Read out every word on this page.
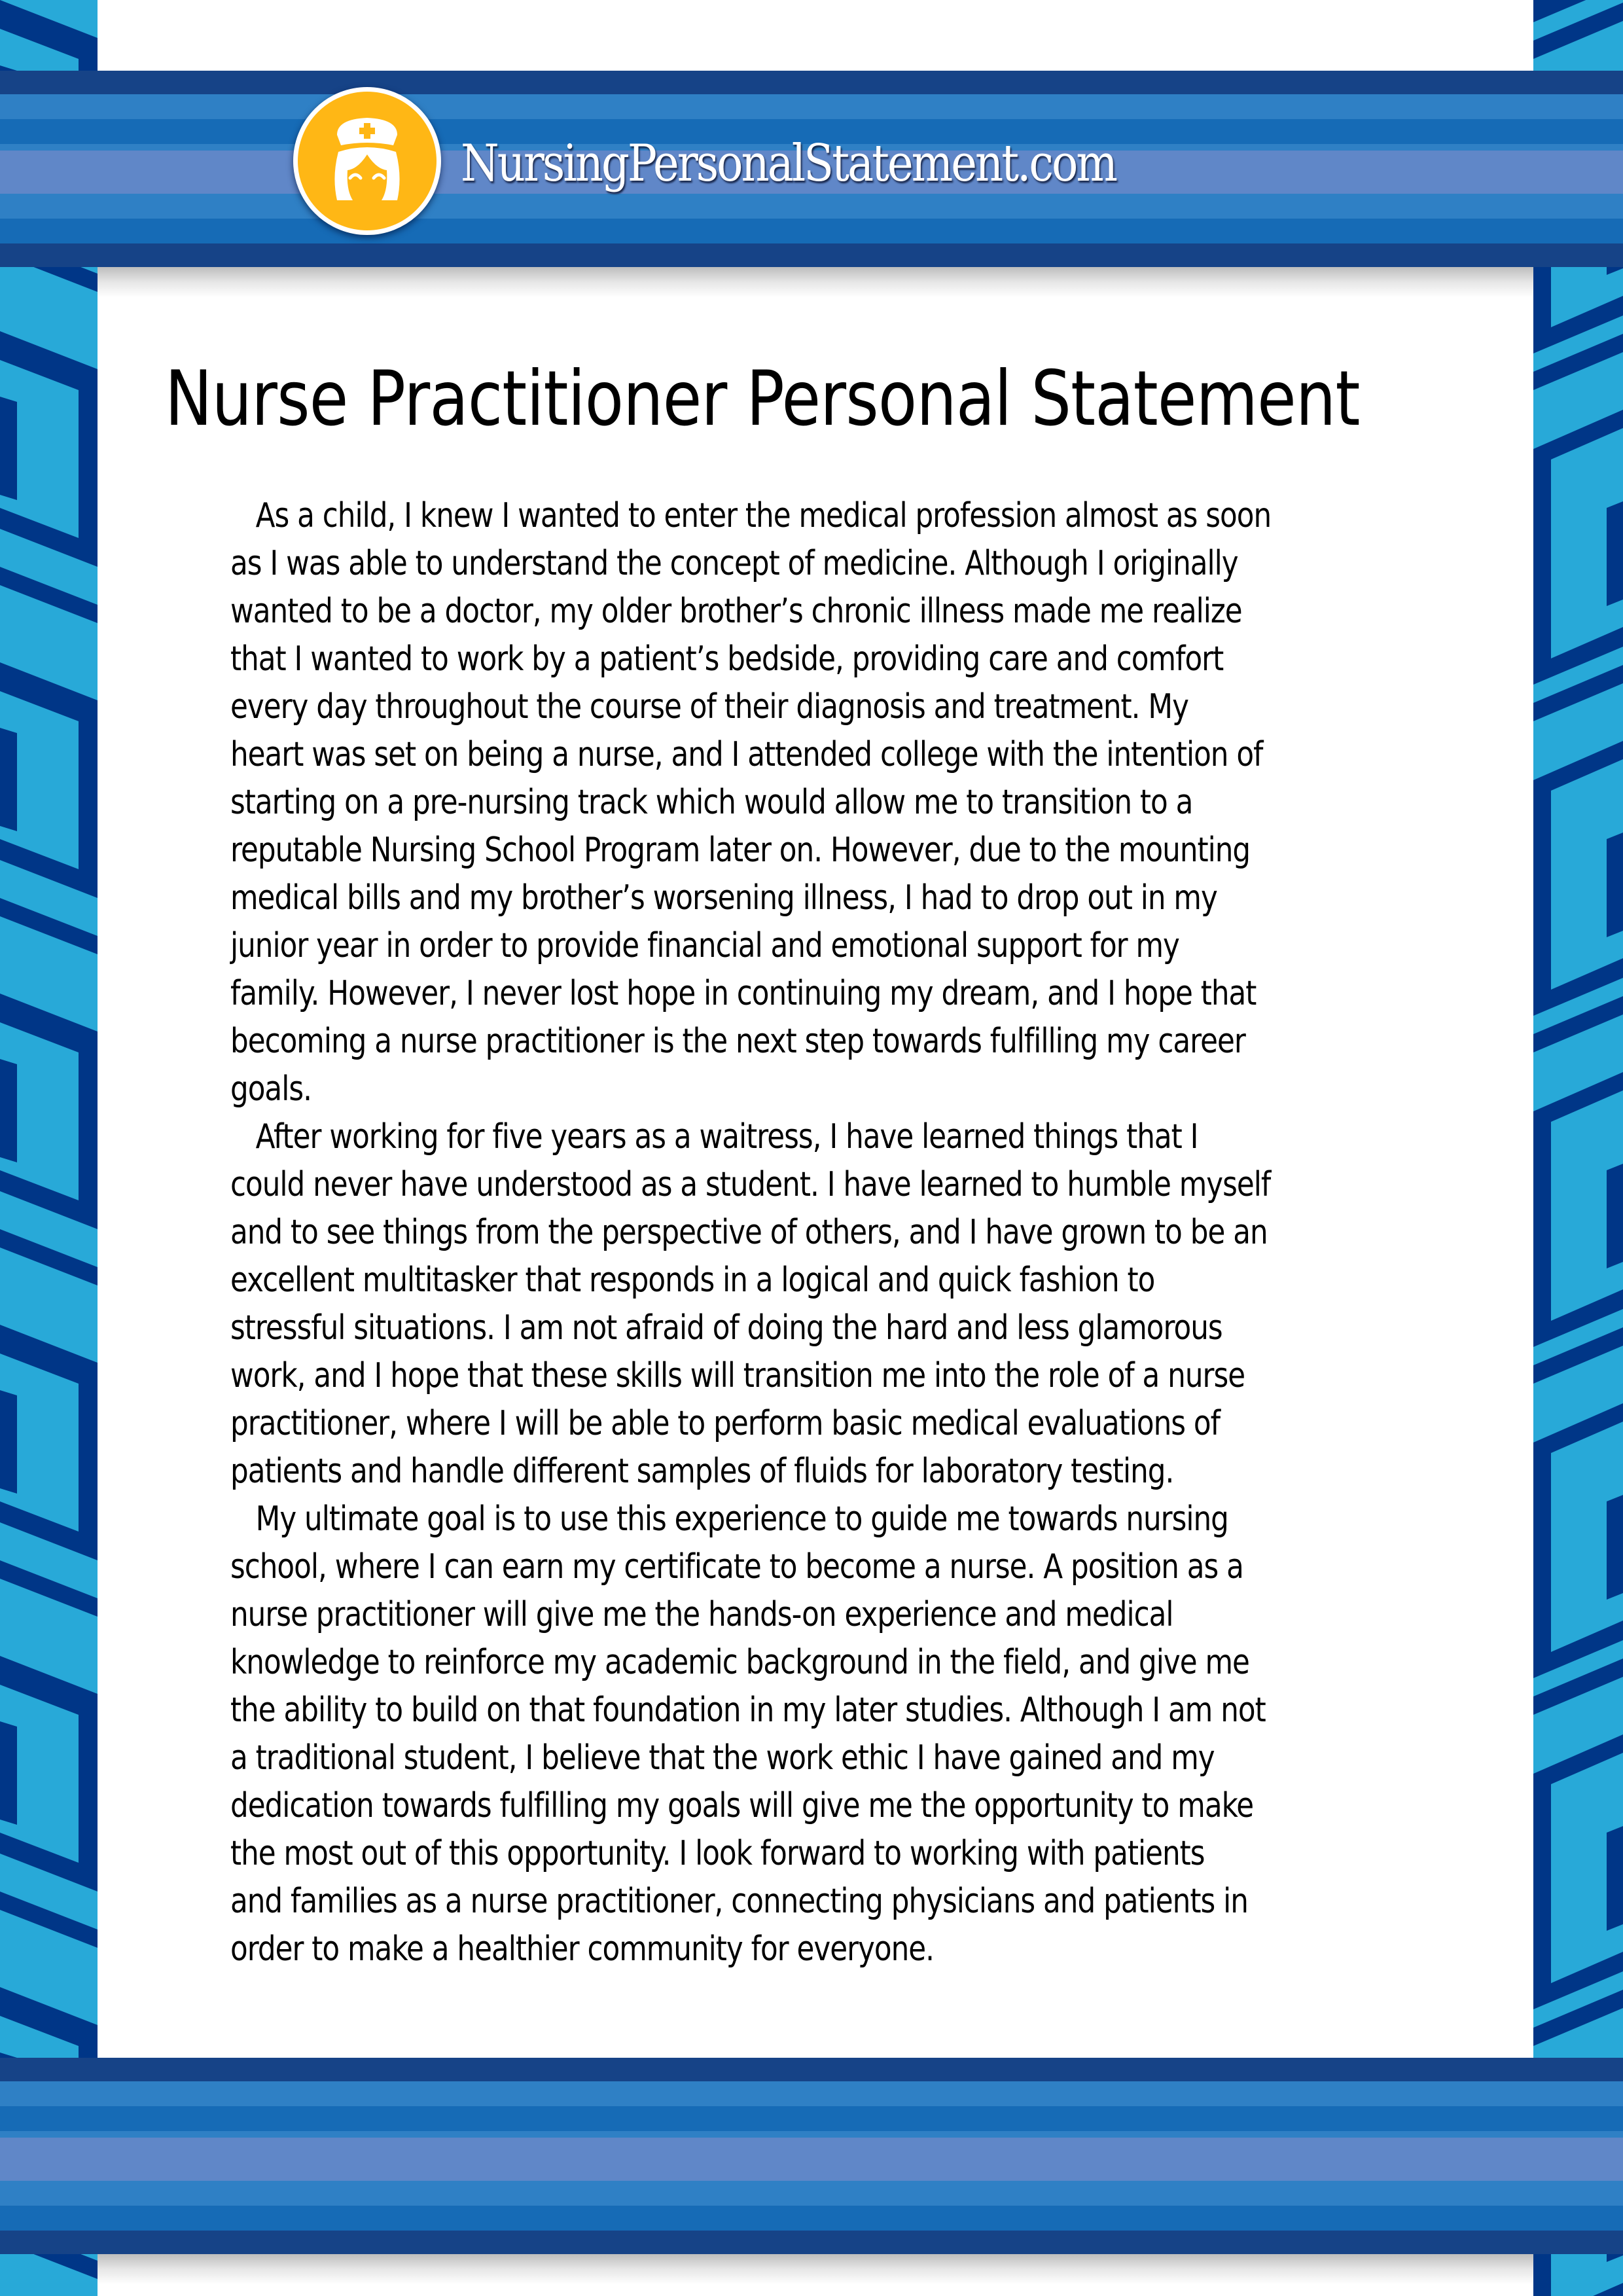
NursingPersonalStatement.com
Nurse Practitioner Personal Statement
As a child, I knew I wanted to enter the medical profession almost as soon
as I was able to understand the concept of medicine. Although I originally
wanted to be a doctor, my older brother’s chronic illness made me realize
that I wanted to work by a patient’s bedside, providing care and comfort
every day throughout the course of their diagnosis and treatment. My
heart was set on being a nurse, and I attended college with the intention of
starting on a pre-nursing track which would allow me to transition to a
reputable Nursing School Program later on. However, due to the mounting
medical bills and my brother’s worsening illness, I had to drop out in my
junior year in order to provide financial and emotional support for my
family. However, I never lost hope in continuing my dream, and I hope that
becoming a nurse practitioner is the next step towards fulfilling my career
goals.
After working for five years as a waitress, I have learned things that I
could never have understood as a student. I have learned to humble myself
and to see things from the perspective of others, and I have grown to be an
excellent multitasker that responds in a logical and quick fashion to
stressful situations. I am not afraid of doing the hard and less glamorous
work, and I hope that these skills will transition me into the role of a nurse
practitioner, where I will be able to perform basic medical evaluations of
patients and handle different samples of fluids for laboratory testing.
My ultimate goal is to use this experience to guide me towards nursing
school, where I can earn my certificate to become a nurse. A position as a
nurse practitioner will give me the hands-on experience and medical
knowledge to reinforce my academic background in the field, and give me
the ability to build on that foundation in my later studies. Although I am not
a traditional student, I believe that the work ethic I have gained and my
dedication towards fulfilling my goals will give me the opportunity to make
the most out of this opportunity. I look forward to working with patients
and families as a nurse practitioner, connecting physicians and patients in
order to make a healthier community for everyone.
